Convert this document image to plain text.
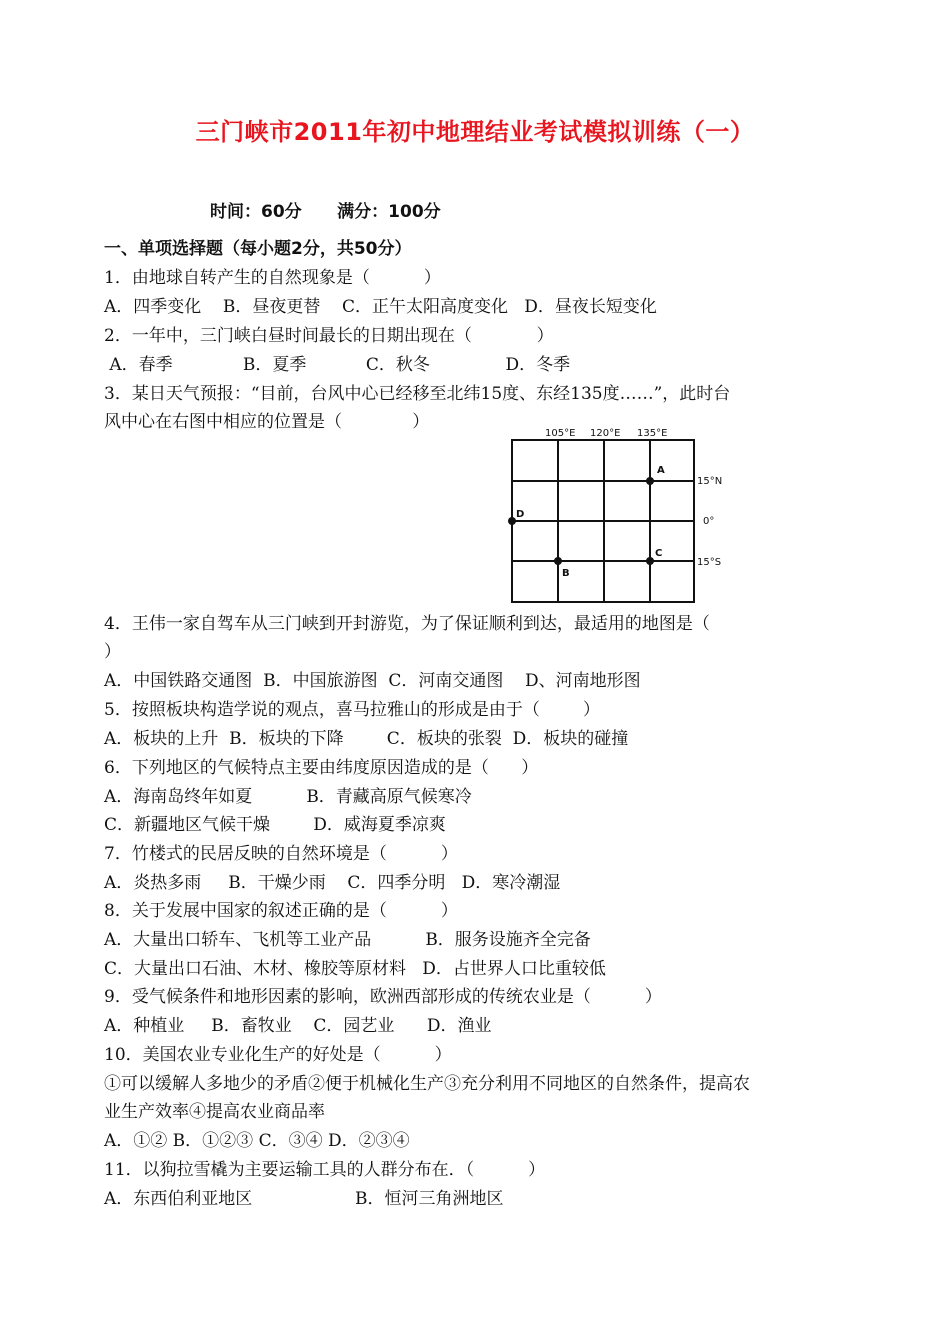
三门峡市2011年初中地理结业考试模拟训练（一）
时间：60分      满分：100分
一、单项选择题（每小题2分，共50分）
1．由地球自转产生的自然现象是（          ）
A．四季变化    B．昼夜更替    C．正午太阳高度变化   D．昼夜长短变化
2．一年中，三门峡白昼时间最长的日期出现在（            ）
A．春季             B．夏季           C．秋冬              D．冬季
3．某日天气预报：“目前，台风中心已经移至北纬15度、东经135度……”，此时台
风中心在右图中相应的位置是（             ）
105°E 120°E 135°E
15°N
0°
15°S
A
B
C
D
4．王伟一家自驾车从三门峡到开封游览，为了保证顺利到达，最适用的地图是（
）
A．中国铁路交通图  B．中国旅游图  C．河南交通图    D、河南地形图
5．按照板块构造学说的观点，喜马拉雅山的形成是由于（        ）
A．板块的上升  B．板块的下降        C．板块的张裂  D．板块的碰撞
6．下列地区的气候特点主要由纬度原因造成的是（      ）
A．海南岛终年如夏          B．青藏高原气候寒冷
C．新疆地区气候干燥        D．威海夏季凉爽
7．竹楼式的民居反映的自然环境是（          ）
A．炎热多雨     B．干燥少雨    C．四季分明   D．寒冷潮湿
8．关于发展中国家的叙述正确的是（          ）
A．大量出口轿车、飞机等工业产品          B．服务设施齐全完备
C．大量出口石油、木材、橡胶等原材料   D．占世界人口比重较低
9．受气候条件和地形因素的影响，欧洲西部形成的传统农业是（          ）
A．种植业     B．畜牧业    C．园艺业      D．渔业
10．美国农业专业化生产的好处是（          ）
①可以缓解人多地少的矛盾②便于机械化生产③充分利用不同地区的自然条件，提高农
业生产效率④提高农业商品率
A．①② B．①②③ C．③④ D．②③④
11．以狗拉雪橇为主要运输工具的人群分布在．（          ）
A．东西伯利亚地区                   B．恒河三角洲地区
